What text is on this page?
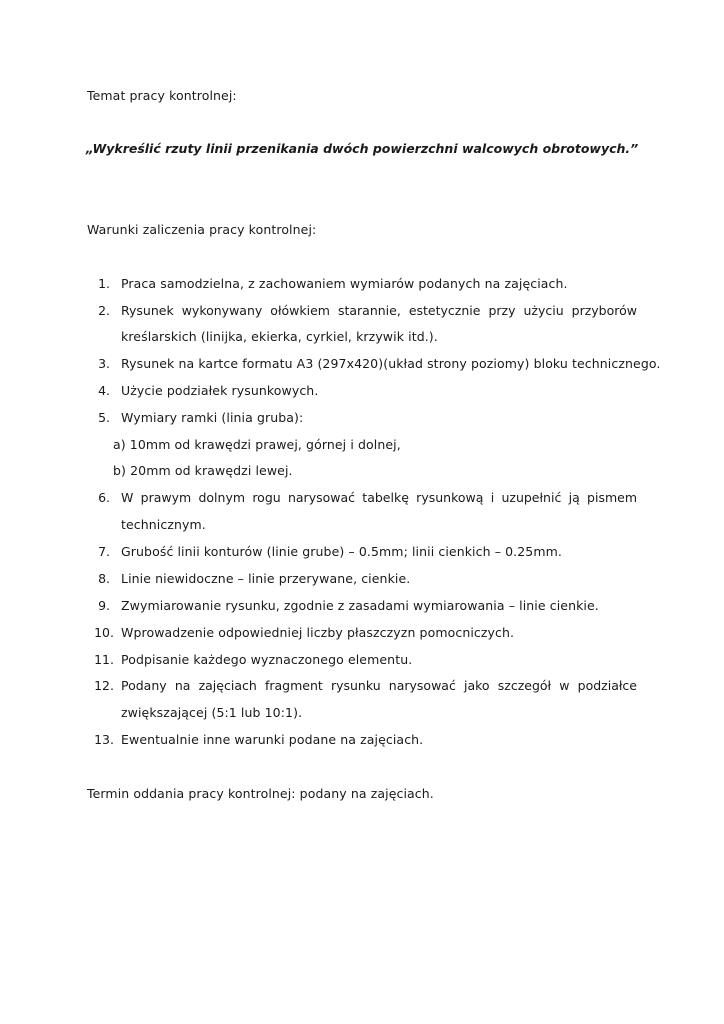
Temat pracy kontrolnej:
„Wykreślić rzuty linii przenikania dwóch powierzchni walcowych obrotowych.”
Warunki zaliczenia pracy kontrolnej:
1. Praca samodzielna, z zachowaniem wymiarów podanych na zajęciach.
2. Rysunek wykonywany ołówkiem starannie, estetycznie przy użyciu przyborów
kreślarskich (linijka, ekierka, cyrkiel, krzywik itd.).
3. Rysunek na kartce formatu A3 (297x420)(układ strony poziomy) bloku technicznego.
4. Użycie podziałek rysunkowych.
5. Wymiary ramki (linia gruba):
a) 10mm od krawędzi prawej, górnej i dolnej,
b) 20mm od krawędzi lewej.
6. W prawym dolnym rogu narysować tabelkę rysunkową i uzupełnić ją pismem
technicznym.
7. Grubość linii konturów (linie grube) – 0.5mm; linii cienkich – 0.25mm.
8. Linie niewidoczne – linie przerywane, cienkie.
9. Zwymiarowanie rysunku, zgodnie z zasadami wymiarowania – linie cienkie.
10. Wprowadzenie odpowiedniej liczby płaszczyzn pomocniczych.
11. Podpisanie każdego wyznaczonego elementu.
12. Podany na zajęciach fragment rysunku narysować jako szczegół w podziałce
zwiększającej (5:1 lub 10:1).
13. Ewentualnie inne warunki podane na zajęciach.
Termin oddania pracy kontrolnej: podany na zajęciach.
